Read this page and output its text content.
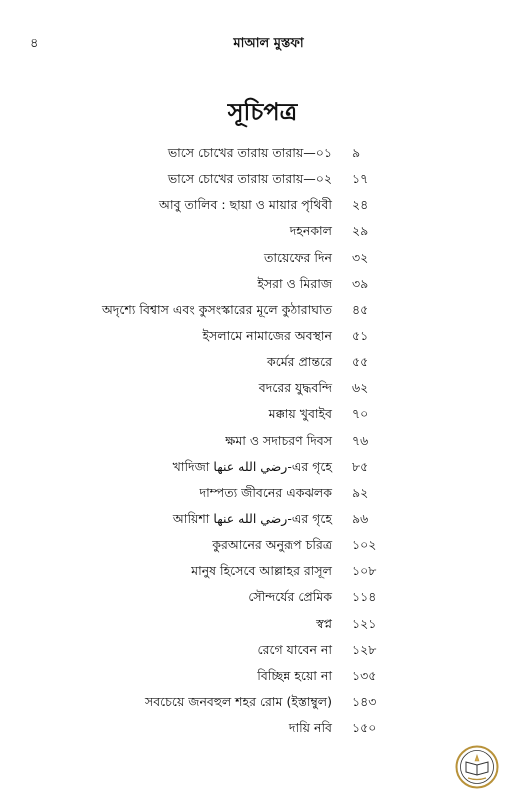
৪	মাআল মুস্তফা
সূচিপত্র
ভাসে চোখের তারায় তারায়—০১ ৯
ভাসে চোখের তারায় তারায়—০২ ১৭
আবু তালিব : ছায়া ও মায়ার পৃথিবী ২৪
দহনকাল ২৯
তায়েফের দিন ৩২
ইসরা ও মিরাজ ৩৯
অদৃশ্যে বিশ্বাস এবং কুসংস্কারের মূলে কুঠারাঘাত ৪৫
ইসলামে নামাজের অবস্থান ৫১
কর্মের প্রান্তরে ৫৫
বদরের যুদ্ধবন্দি ৬২
মক্কায় খুবাইব ৭০
ক্ষমা ও সদাচরণ দিবস ৭৬
খাদিজা رضي الله عنها-এর গৃহে ৮৫
দাম্পত্য জীবনের একঝলক ৯২
আয়িশা رضي الله عنها-এর গৃহে ৯৬
কুরআনের অনুরূপ চরিত্র ১০২
মানুষ হিসেবে আল্লাহর রাসূল ১০৮
সৌন্দর্যের প্রেমিক ১১৪
স্বপ্ন ১২১
রেগে যাবেন না ১২৮
বিচ্ছিন্ন হয়ো না ১৩৫
সবচেয়ে জনবহুল শহর রোম (ইস্তাম্বুল) ১৪৩
দায়ি নবি ১৫০
